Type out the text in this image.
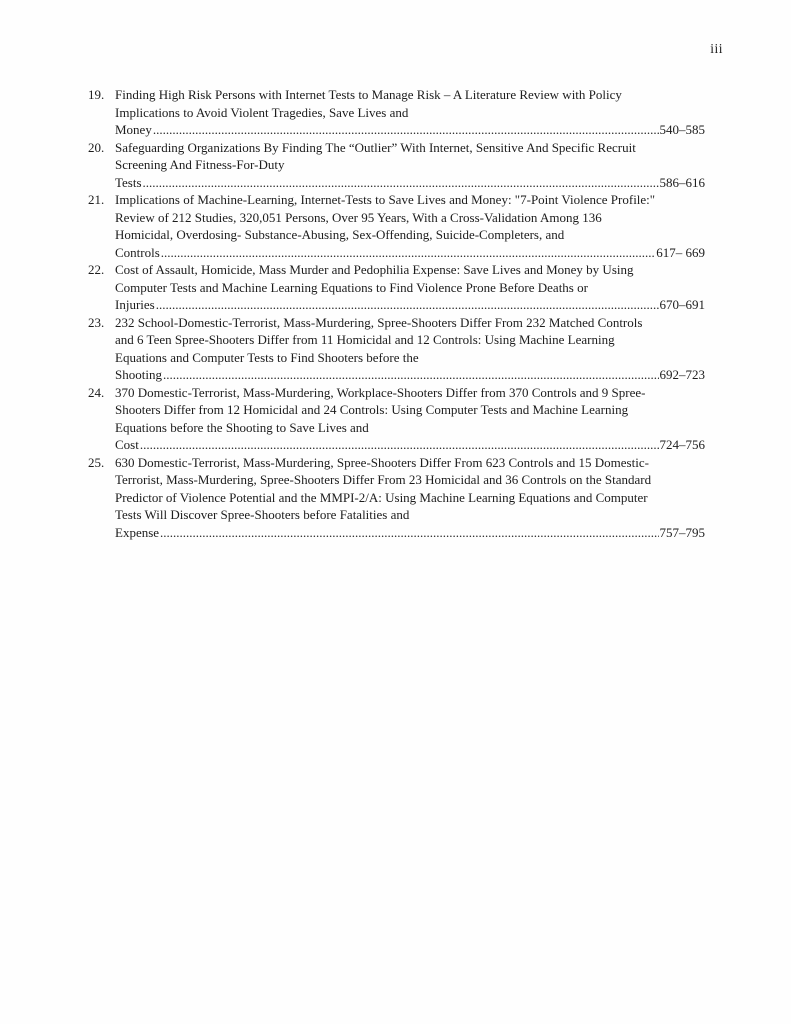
iii
19. Finding High Risk Persons with Internet Tests to Manage Risk – A Literature Review with Policy
Implications to Avoid Violent Tragedies, Save Lives and
Money .....	540–585
20. Safeguarding Organizations By Finding The “Outlier” With Internet, Sensitive And Specific Recruit
Screening And Fitness-For-Duty
Tests .....	586–616
21. Implications of Machine-Learning, Internet-Tests to Save Lives and Money: "7-Point Violence Profile:"
Review of 212 Studies, 320,051 Persons, Over 95 Years, With a Cross-Validation Among 136
Homicidal, Overdosing- Substance-Abusing, Sex-Offending, Suicide-Completers, and
Controls .....	617– 669
22. Cost of Assault, Homicide, Mass Murder and Pedophilia Expense: Save Lives and Money by Using
Computer Tests and Machine Learning Equations to Find Violence Prone Before Deaths or
Injuries .....	670–691
23. 232 School-Domestic-Terrorist, Mass-Murdering, Spree-Shooters Differ From 232 Matched Controls
and 6 Teen Spree-Shooters Differ from 11 Homicidal and 12 Controls: Using Machine Learning
Equations and Computer Tests to Find Shooters before the
Shooting .....	692–723
24. 370 Domestic-Terrorist, Mass-Murdering, Workplace-Shooters Differ from 370 Controls and 9 Spree-
Shooters Differ from 12 Homicidal and 24 Controls: Using Computer Tests and Machine Learning
Equations before the Shooting to Save Lives and
Cost .....	724–756
25. 630 Domestic-Terrorist, Mass-Murdering, Spree-Shooters Differ From 623 Controls and 15 Domestic-
Terrorist, Mass-Murdering, Spree-Shooters Differ From 23 Homicidal and 36 Controls on the Standard
Predictor of Violence Potential and the MMPI-2/A: Using Machine Learning Equations and Computer
Tests Will Discover Spree-Shooters before Fatalities and
Expense .....	757–795
